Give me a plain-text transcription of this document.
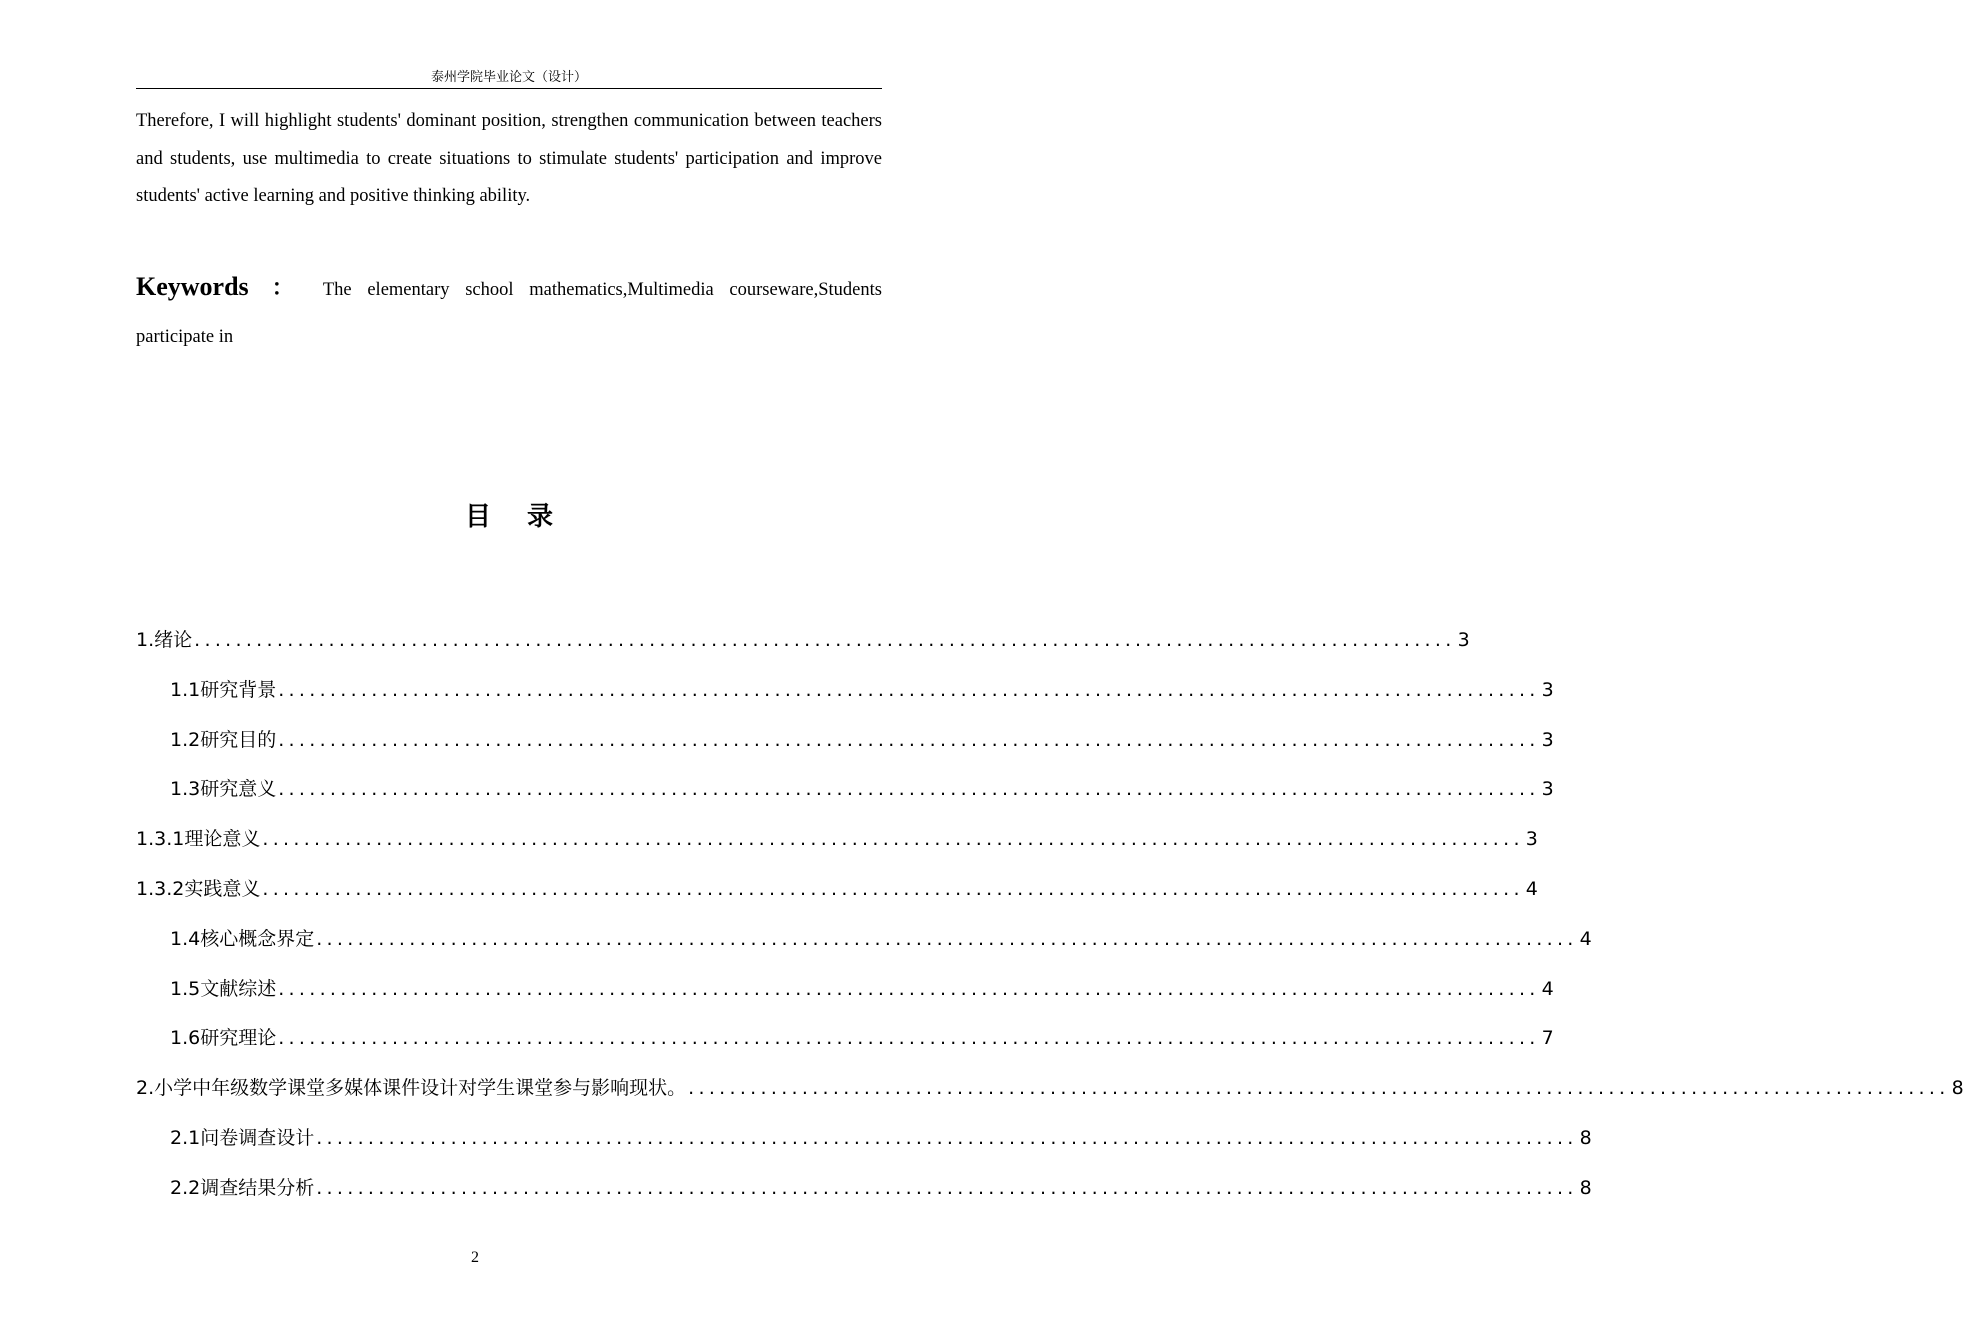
泰州学院毕业论文（设计）

Therefore, I will highlight students' dominant position, strengthen communication between teachers and students, use multimedia to create situations to stimulate students' participation and improve students' active learning and positive thinking ability.

Keywords ： The elementary school mathematics,Multimedia courseware,Students participate in

目录
1.绪论 .......................................................................................................................... 3
1.1研究背景 .......................................................................................................................... 3
1.2研究目的 .......................................................................................................................... 3
1.3研究意义 .......................................................................................................................... 3
1.3.1理论意义 .......................................................................................................................... 3
1.3.2实践意义 .......................................................................................................................... 4
1.4核心概念界定 .......................................................................................................................... 4
1.5文献综述 .......................................................................................................................... 4
1.6研究理论 .......................................................................................................................... 7
2.小学中年级数学课堂多媒体课件设计对学生课堂参与影响现状。 .......................................................................................................................... 8
2.1问卷调查设计 .......................................................................................................................... 8
2.2调查结果分析 .......................................................................................................................... 8
2
